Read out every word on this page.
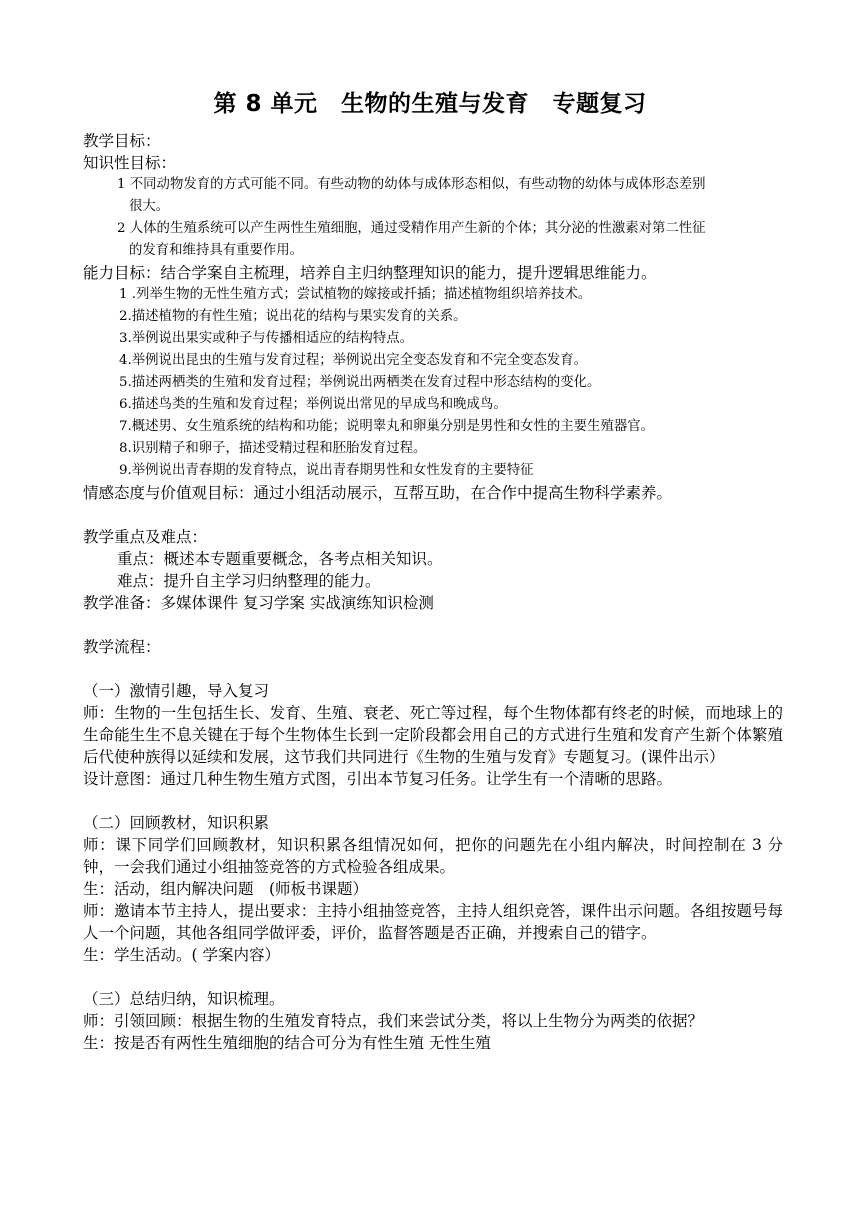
第 8 单元　生物的生殖与发育　专题复习
教学目标：
知识性目标：
1 不同动物发育的方式可能不同。有些动物的幼体与成体形态相似，有些动物的幼体与成体形态差别
很大。
2 人体的生殖系统可以产生两性生殖细胞，通过受精作用产生新的个体；其分泌的性激素对第二性征
的发育和维持具有重要作用。
能力目标：结合学案自主梳理，培养自主归纳整理知识的能力，提升逻辑思维能力。
1 .列举生物的无性生殖方式；尝试植物的嫁接或扦插；描述植物组织培养技术。
2.描述植物的有性生殖；说出花的结构与果实发育的关系。
3.举例说出果实或种子与传播相适应的结构特点。
4.举例说出昆虫的生殖与发育过程；举例说出完全变态发育和不完全变态发育。
5.描述两栖类的生殖和发育过程；举例说出两栖类在发育过程中形态结构的变化。
6.描述鸟类的生殖和发育过程；举例说出常见的早成鸟和晚成鸟。
7.概述男、女生殖系统的结构和功能；说明睾丸和卵巢分别是男性和女性的主要生殖器官。
8.识别精子和卵子，描述受精过程和胚胎发育过程。
9.举例说出青春期的发育特点，说出青春期男性和女性发育的主要特征
情感态度与价值观目标：通过小组活动展示，互帮互助，在合作中提高生物科学素养。
教学重点及难点：
重点：概述本专题重要概念，各考点相关知识。
难点：提升自主学习归纳整理的能力。
教学准备：多媒体课件 复习学案 实战演练知识检测
教学流程：
（一）激情引趣，导入复习
师：生物的一生包括生长、发育、生殖、衰老、死亡等过程，每个生物体都有终老的时候，而地球上的生命能生生不息关键在于每个生物体生长到一定阶段都会用自己的方式进行生殖和发育产生新个体繁殖后代使种族得以延续和发展，这节我们共同进行《生物的生殖与发育》专题复习。(课件出示）
设计意图：通过几种生物生殖方式图，引出本节复习任务。让学生有一个清晰的思路。
（二）回顾教材，知识积累
师：课下同学们回顾教材，知识积累各组情况如何，把你的问题先在小组内解决，时间控制在 3 分钟，一会我们通过小组抽签竞答的方式检验各组成果。
生：活动，组内解决问题　(师板书课题）
师：邀请本节主持人，提出要求：主持小组抽签竞答，主持人组织竞答，课件出示问题。各组按题号每人一个问题，其他各组同学做评委，评价，监督答题是否正确，并搜索自己的错字。
生：学生活动。( 学案内容）
（三）总结归纳，知识梳理。
师：引领回顾：根据生物的生殖发育特点，我们来尝试分类，将以上生物分为两类的依据？
生：按是否有两性生殖细胞的结合可分为有性生殖 无性生殖
